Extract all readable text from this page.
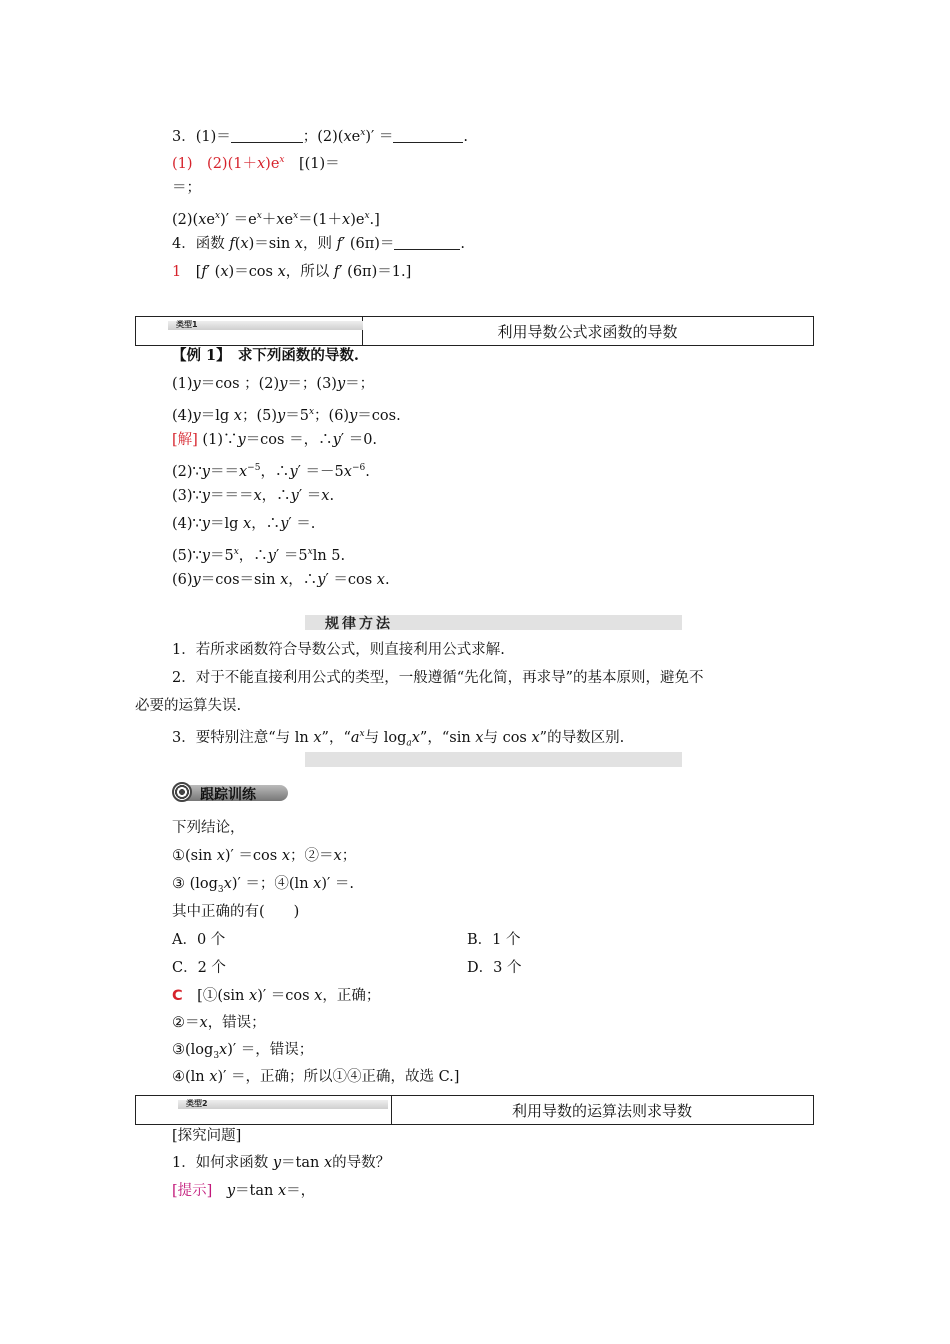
3．(1)＝	；$(2)(xe^x)'$ ＝	.
(1)　$(2)(1+x)e^x$　 [(1)＝
＝；
$(2)(xe^x)' =e^x+xe^x=(1+x)e^x$.]
4．函数 f(x)＝sin x，则 f′ (6π)＝	.
1　 [f′ (x)＝cos x，所以 f′ (6π)＝1.]
类型1	利用导数公式求函数的导数
【例 1】　求下列函数的导数.
(1)y＝cos ；(2)y＝；(3)y＝；
(4)y＝lg x；$(5)y=5^x$；(6)y＝cos.
[解] (1)∵y＝cos ＝，∴y′ ＝0.
$(2)\because y==x^{-5}$，∴y′ $=-5x^{-6}$.
(3)∵y＝＝＝x，∴y′ ＝x.
(4)∵y＝lg x，∴y′ ＝.
$(5)\because y=5^x$，∴y′ $=5^x\ln$ 5.
(6)y＝cos＝sin x，∴y′ ＝cos x.
规律方法
1．若所求函数符合导数公式，则直接利用公式求解.
2．对于不能直接利用公式的类型，一般遵循“先化简，再求导”的基本原则，避免不
必要的运算失误.
3．要特别注意“与 ln x”，“$a^x$与 $\log_ax$”，“sin x与 cos x”的导数区别.
跟踪训练
下列结论，
①(sin x)′ ＝cos x；②＝x；
③ $(\log_3x)'$ ＝；④(ln x)′ ＝.
其中正确的有(　　)
A．0 个	B．1 个
C．2 个	D．3 个
C　 [①(sin x)′ ＝cos x，正确；
②＝x，错误；
$③(\log_3x)'$ ＝，错误；
④(ln x)′ ＝，正确；所以①④正确，故选 C.]
类型2	利用导数的运算法则求导数
[探究问题]
1．如何求函数 y＝tan x的导数？
[提示]　 y＝tan x＝，
